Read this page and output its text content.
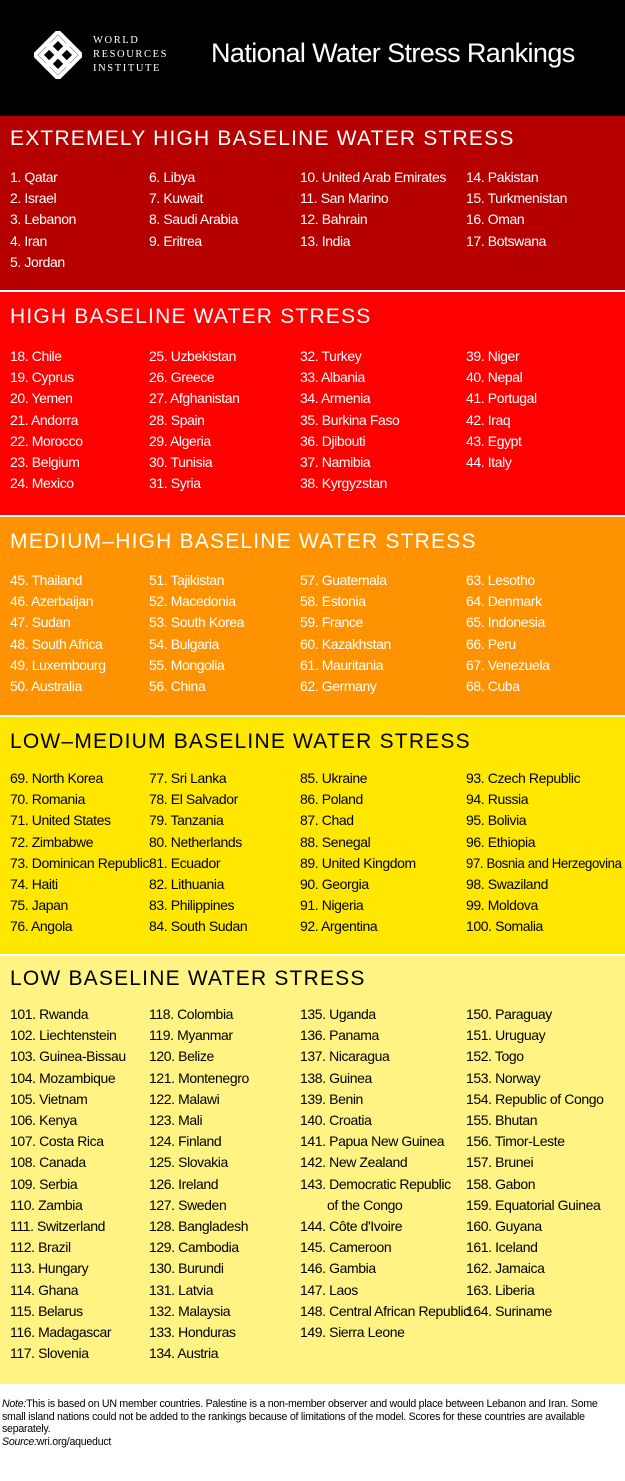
WORLD
RESOURCES
INSTITUTE
National Water Stress Rankings
EXTREMELY HIGH BASELINE WATER STRESS
1. Qatar
2. Israel
3. Lebanon
4. Iran
5. Jordan
6. Libya
7. Kuwait
8. Saudi Arabia
9. Eritrea
10. United Arab Emirates
11. San Marino
12. Bahrain
13. India
14. Pakistan
15. Turkmenistan
16. Oman
17. Botswana
HIGH BASELINE WATER STRESS
18. Chile
19. Cyprus
20. Yemen
21. Andorra
22. Morocco
23. Belgium
24. Mexico
25. Uzbekistan
26. Greece
27. Afghanistan
28. Spain
29. Algeria
30. Tunisia
31. Syria
32. Turkey
33. Albania
34. Armenia
35. Burkina Faso
36. Djibouti
37. Namibia
38. Kyrgyzstan
39. Niger
40. Nepal
41. Portugal
42. Iraq
43. Egypt
44. Italy
MEDIUM–HIGH BASELINE WATER STRESS
45. Thailand
46. Azerbaijan
47. Sudan
48. South Africa
49. Luxembourg
50. Australia
51. Tajikistan
52. Macedonia
53. South Korea
54. Bulgaria
55. Mongolia
56. China
57. Guatemala
58. Estonia
59. France
60. Kazakhstan
61. Mauritania
62. Germany
63. Lesotho
64. Denmark
65. Indonesia
66. Peru
67. Venezuela
68. Cuba
LOW–MEDIUM BASELINE WATER STRESS
69. North Korea
70. Romania
71. United States
72. Zimbabwe
73. Dominican Republic
74. Haiti
75. Japan
76. Angola
77. Sri Lanka
78. El Salvador
79. Tanzania
80. Netherlands
81. Ecuador
82. Lithuania
83. Philippines
84. South Sudan
85. Ukraine
86. Poland
87. Chad
88. Senegal
89. United Kingdom
90. Georgia
91. Nigeria
92. Argentina
93. Czech Republic
94. Russia
95. Bolivia
96. Ethiopia
97. Bosnia and Herzegovina
98. Swaziland
99. Moldova
100. Somalia
LOW BASELINE WATER STRESS
101. Rwanda
102. Liechtenstein
103. Guinea-Bissau
104. Mozambique
105. Vietnam
106. Kenya
107. Costa Rica
108. Canada
109. Serbia
110. Zambia
111. Switzerland
112. Brazil
113. Hungary
114. Ghana
115. Belarus
116. Madagascar
117. Slovenia
118. Colombia
119. Myanmar
120. Belize
121. Montenegro
122. Malawi
123. Mali
124. Finland
125. Slovakia
126. Ireland
127. Sweden
128. Bangladesh
129. Cambodia
130. Burundi
131. Latvia
132. Malaysia
133. Honduras
134. Austria
135. Uganda
136. Panama
137. Nicaragua
138. Guinea
139. Benin
140. Croatia
141. Papua New Guinea
142. New Zealand
143. Democratic Republic
of the Congo
144. Côte d'Ivoire
145. Cameroon
146. Gambia
147. Laos
148. Central African Republic
149. Sierra Leone
150. Paraguay
151. Uruguay
152. Togo
153. Norway
154. Republic of Congo
155. Bhutan
156. Timor-Leste
157. Brunei
158. Gabon
159. Equatorial Guinea
160. Guyana
161. Iceland
162. Jamaica
163. Liberia
164. Suriname
Note:This is based on UN member countries. Palestine is a non-member observer and would place between Lebanon and Iran. Some small island nations could not be added to the rankings because of limitations of the model. Scores for these countries are available separately.
Source:wri.org/aqueduct
